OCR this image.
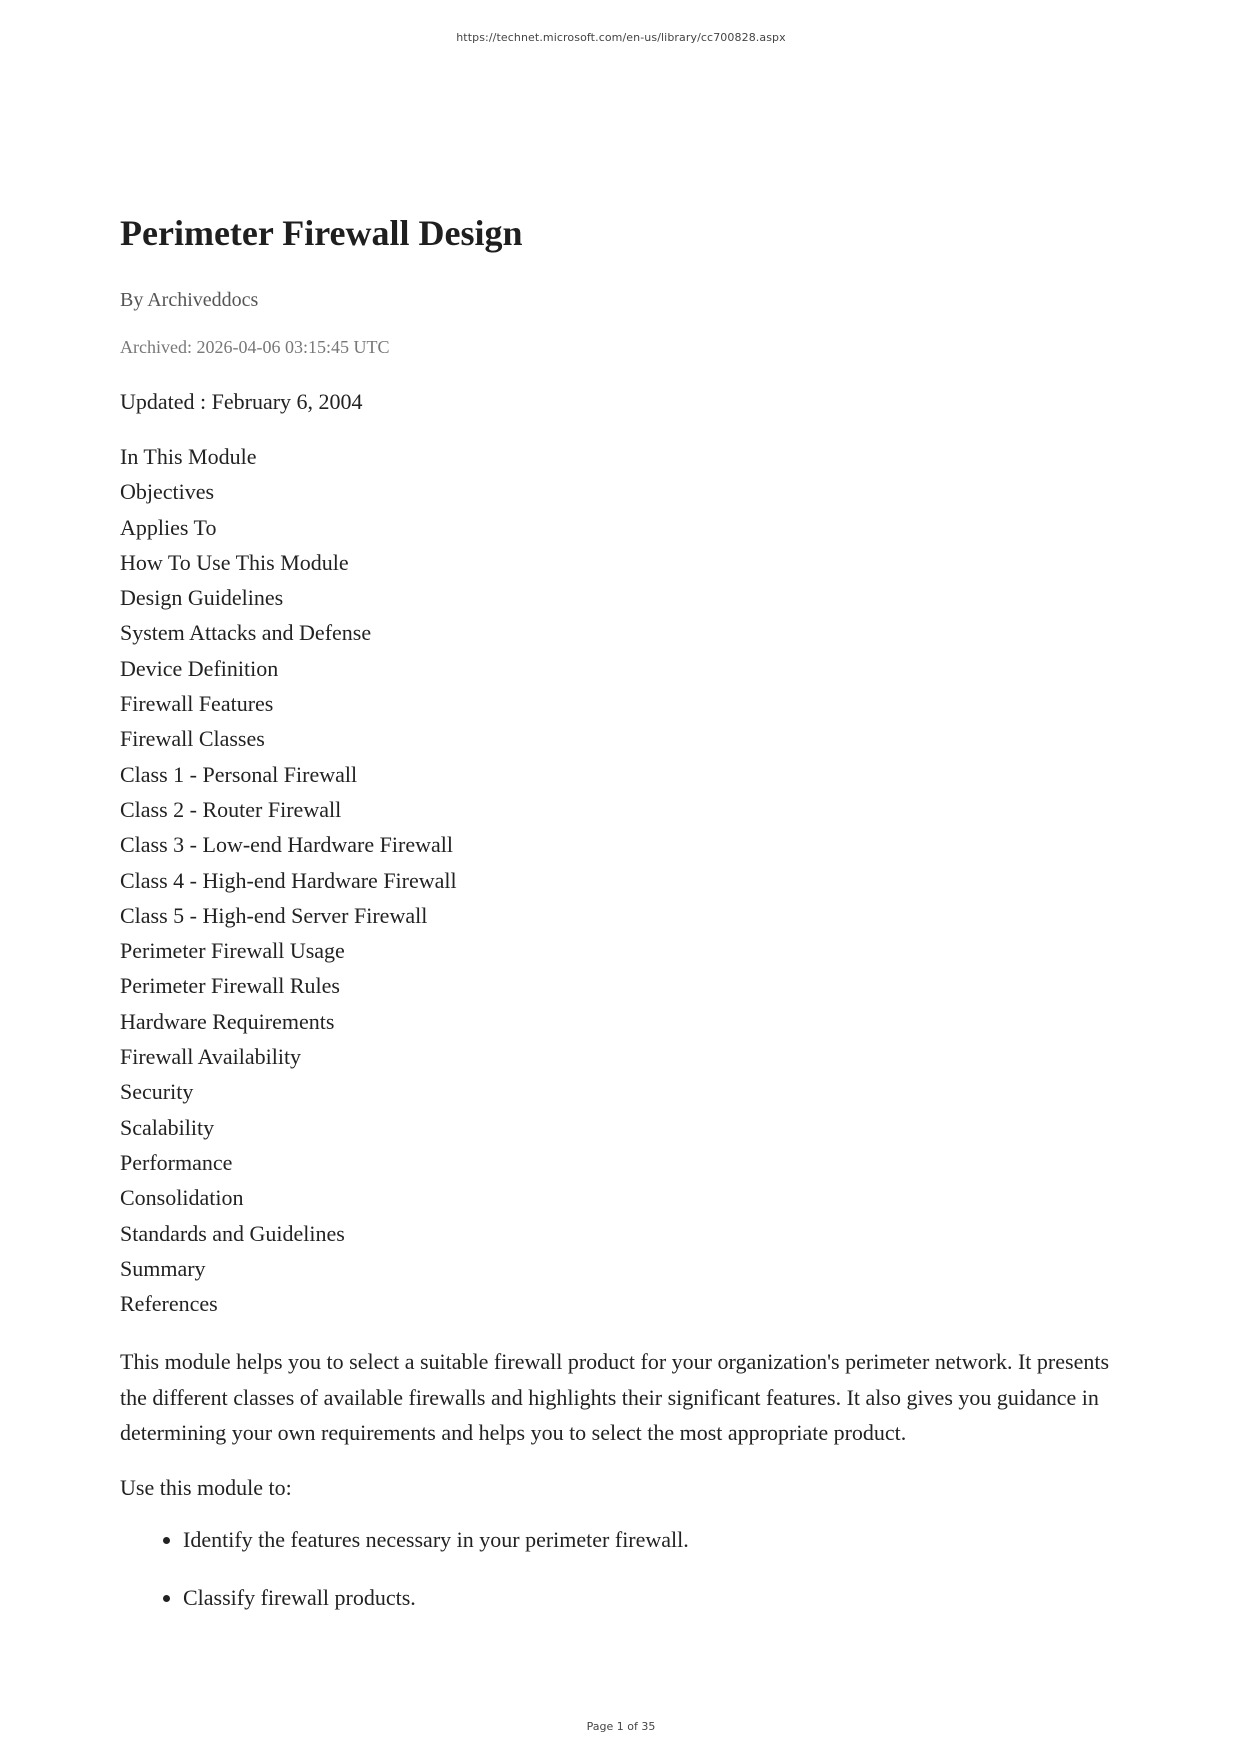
https://technet.microsoft.com/en-us/library/cc700828.aspx
Perimeter Firewall Design
By Archiveddocs
Archived: 2026-04-06 03:15:45 UTC
Updated : February 6, 2004
In This Module
Objectives
Applies To
How To Use This Module
Design Guidelines
System Attacks and Defense
Device Definition
Firewall Features
Firewall Classes
Class 1 - Personal Firewall
Class 2 - Router Firewall
Class 3 - Low-end Hardware Firewall
Class 4 - High-end Hardware Firewall
Class 5 - High-end Server Firewall
Perimeter Firewall Usage
Perimeter Firewall Rules
Hardware Requirements
Firewall Availability
Security
Scalability
Performance
Consolidation
Standards and Guidelines
Summary
References

This module helps you to select a suitable firewall product for your organization's perimeter network. It presents the different classes of available firewalls and highlights their significant features. It also gives you guidance in determining your own requirements and helps you to select the most appropriate product.

Use this module to:
• Identify the features necessary in your perimeter firewall.
• Classify firewall products.
Page 1 of 35
